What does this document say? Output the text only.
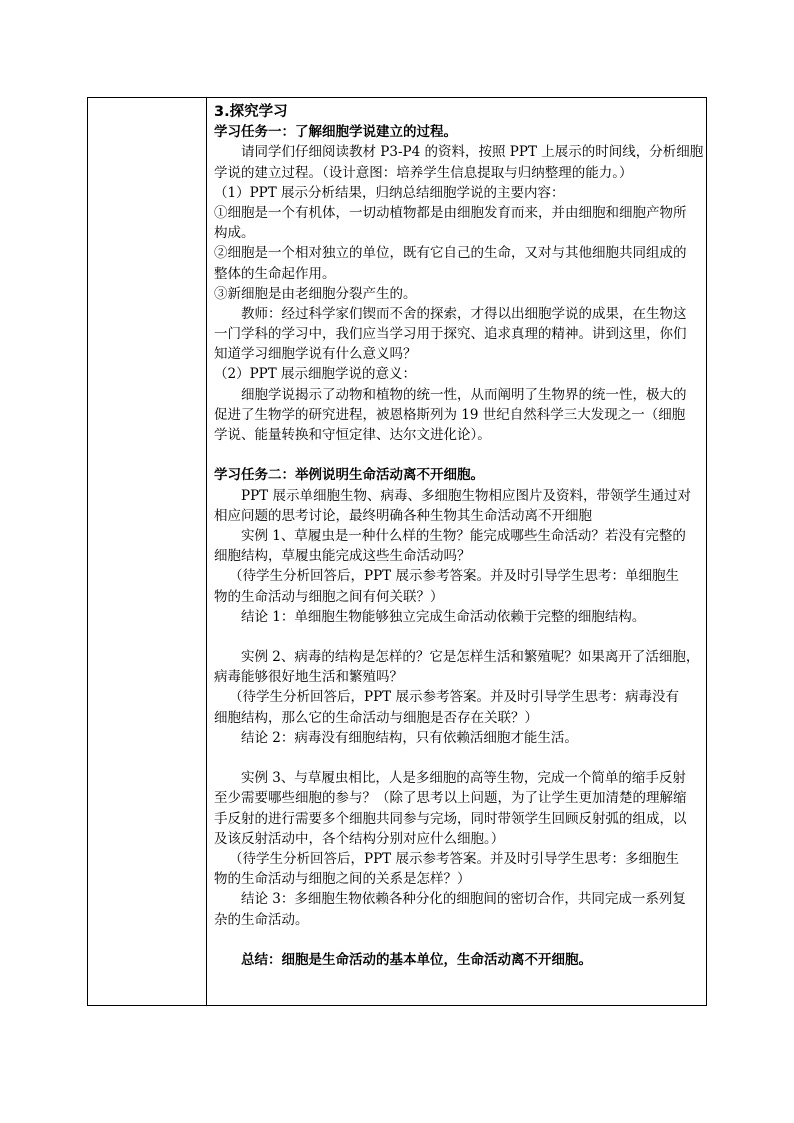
3.探究学习
学习任务一：了解细胞学说建立的过程。
请同学们仔细阅读教材 P3-P4 的资料，按照 PPT 上展示的时间线，分析细胞
学说的建立过程。（设计意图：培养学生信息提取与归纳整理的能力。）
（1）PPT 展示分析结果，归纳总结细胞学说的主要内容：
①细胞是一个有机体，一切动植物都是由细胞发育而来，并由细胞和细胞产物所
构成。
②细胞是一个相对独立的单位，既有它自己的生命，又对与其他细胞共同组成的
整体的生命起作用。
③新细胞是由老细胞分裂产生的。
教师：经过科学家们锲而不舍的探索，才得以出细胞学说的成果，在生物这
一门学科的学习中，我们应当学习用于探究、追求真理的精神。讲到这里，你们
知道学习细胞学说有什么意义吗？
（2）PPT 展示细胞学说的意义：
细胞学说揭示了动物和植物的统一性，从而阐明了生物界的统一性，极大的
促进了生物学的研究进程，被恩格斯列为 19 世纪自然科学三大发现之一（细胞
学说、能量转换和守恒定律、达尔文进化论）。
学习任务二：举例说明生命活动离不开细胞。
PPT 展示单细胞生物、病毒、多细胞生物相应图片及资料，带领学生通过对
相应问题的思考讨论，最终明确各种生物其生命活动离不开细胞
实例 1、草履虫是一种什么样的生物？能完成哪些生命活动？若没有完整的
细胞结构，草履虫能完成这些生命活动吗？
（待学生分析回答后，PPT 展示参考答案。并及时引导学生思考：单细胞生
物的生命活动与细胞之间有何关联？）
结论 1：单细胞生物能够独立完成生命活动依赖于完整的细胞结构。
实例 2、病毒的结构是怎样的？它是怎样生活和繁殖呢？如果离开了活细胞，
病毒能够很好地生活和繁殖吗？
（待学生分析回答后，PPT 展示参考答案。并及时引导学生思考：病毒没有
细胞结构，那么它的生命活动与细胞是否存在关联？）
结论 2：病毒没有细胞结构，只有依赖活细胞才能生活。
实例 3、与草履虫相比，人是多细胞的高等生物，完成一个简单的缩手反射
至少需要哪些细胞的参与？（除了思考以上问题，为了让学生更加清楚的理解缩
手反射的进行需要多个细胞共同参与完场，同时带领学生回顾反射弧的组成，以
及该反射活动中，各个结构分别对应什么细胞。）
（待学生分析回答后，PPT 展示参考答案。并及时引导学生思考：多细胞生
物的生命活动与细胞之间的关系是怎样？）
结论 3：多细胞生物依赖各种分化的细胞间的密切合作，共同完成一系列复
杂的生命活动。
总结：细胞是生命活动的基本单位，生命活动离不开细胞。
